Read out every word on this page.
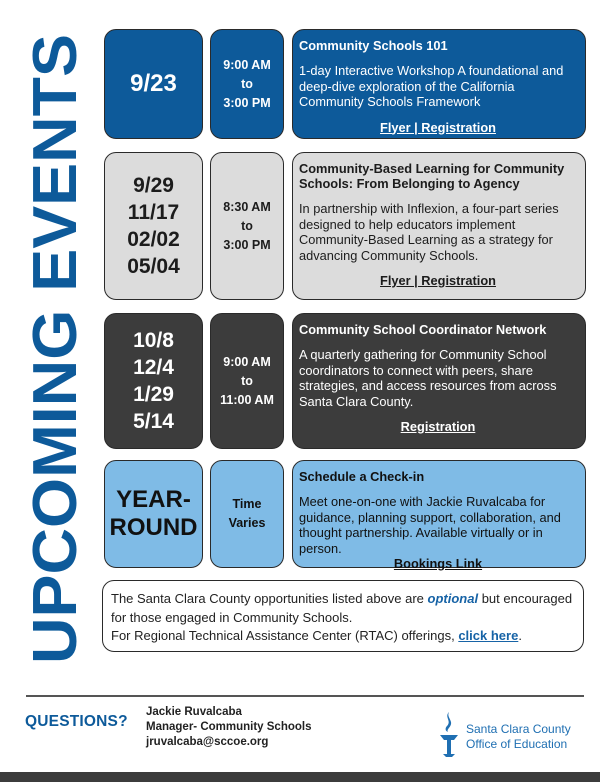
UPCOMING EVENTS 9/23
9:00 AM
to
3:00 PM
Community Schools 101

1-day Interactive Workshop A foundational and deep-dive exploration of the California Community Schools Framework

Flyer | Registration
9/29
11/17
02/02
05/04
8:30 AM
to
3:00 PM
Community-Based Learning for Community Schools: From Belonging to Agency

In partnership with Inflexion, a four-part series designed to help educators implement Community-Based Learning as a strategy for advancing Community Schools.

Flyer | Registration
10/8
12/4
1/29
5/14
9:00 AM
to
11:00 AM
Community School Coordinator Network

A quarterly gathering for Community School coordinators to connect with peers, share strategies, and access resources from across Santa Clara County.

Registration
YEAR-
ROUND
Time
Varies
Schedule a Check-in

Meet one-on-one with Jackie Ruvalcaba for guidance, planning support, collaboration, and thought partnership. Available virtually or in person.

Bookings Link
The Santa Clara County opportunities listed above are optional but encouraged for those engaged in Community Schools.
For Regional Technical Assistance Center (RTAC) offerings, click here.
QUESTIONS?
Jackie Ruvalcaba
Manager- Community Schools
jruvalcaba@sccoe.org
Santa Clara County
Office of Education
